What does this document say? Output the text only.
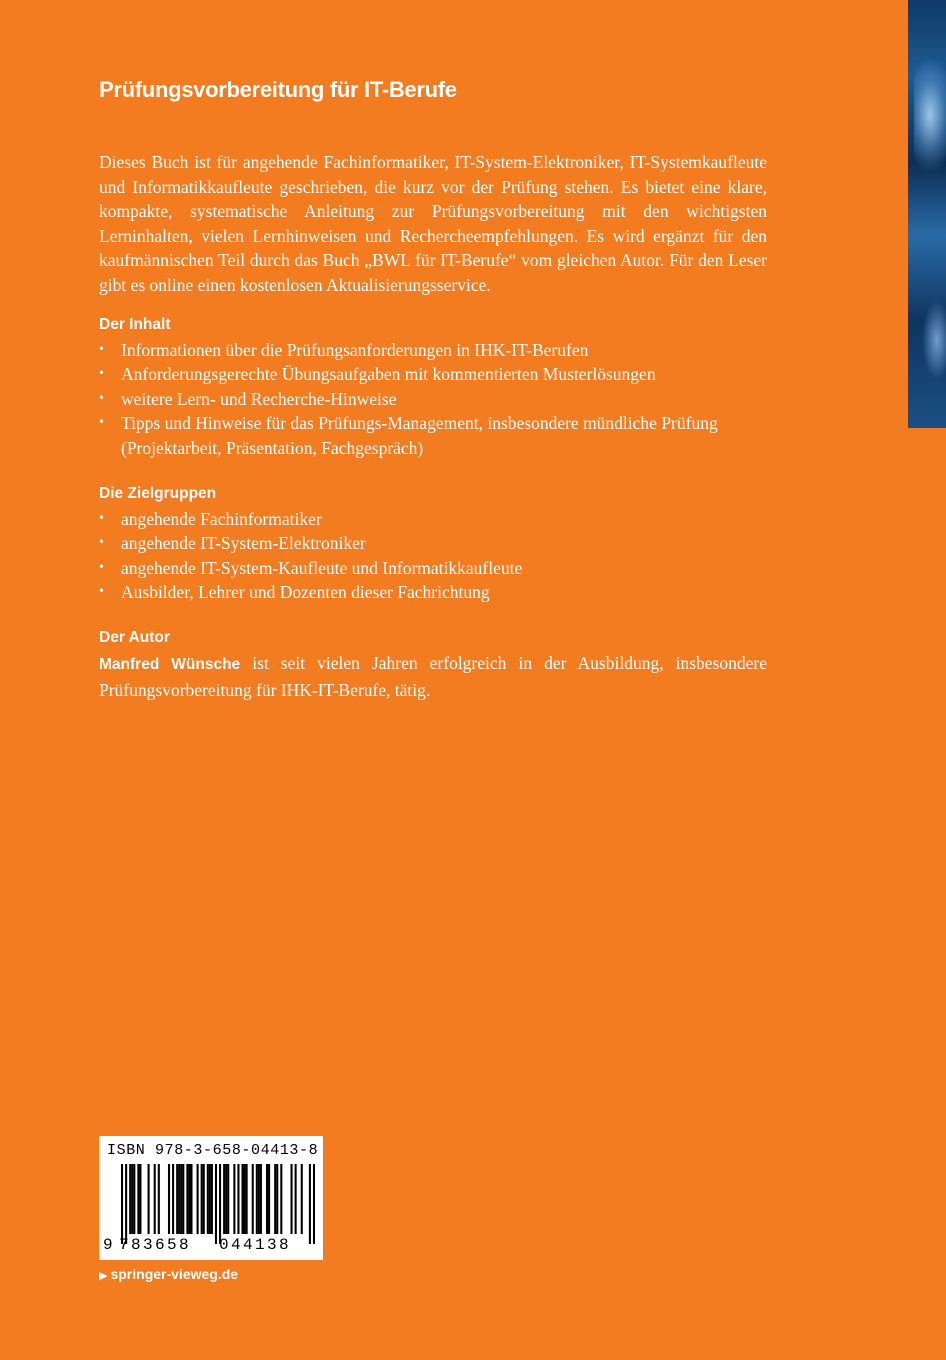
Prüfungsvorbereitung für IT-Berufe

Dieses Buch ist für angehende Fachinformatiker, IT-System-Elektroniker, IT-Systemkaufleute und Informatikkaufleute geschrieben, die kurz vor der Prüfung stehen. Es bietet eine klare, kompakte, systematische Anleitung zur Prüfungsvorbereitung mit den wichtigsten Lerninhalten, vielen Lernhinweisen und Rechercheempfehlungen. Es wird ergänzt für den kaufmännischen Teil durch das Buch „BWL für IT-Berufe“ vom gleichen Autor. Für den Leser gibt es online einen kostenlosen Aktualisierungsservice.

Der Inhalt
• Informationen über die Prüfungsanforderungen in IHK-IT-Berufen
• Anforderungsgerechte Übungsaufgaben mit kommentierten Musterlösungen
• weitere Lern- und Recherche-Hinweise
• Tipps und Hinweise für das Prüfungs-Management, insbesondere mündliche Prüfung (Projektarbeit, Präsentation, Fachgespräch)
Die Zielgruppen
• angehende Fachinformatiker
• angehende IT-System-Elektroniker
• angehende IT-System-Kaufleute und Informatikkaufleute
• Ausbilder, Lehrer und Dozenten dieser Fachrichtung
Der Autor

Manfred Wünsche ist seit vielen Jahren erfolgreich in der Ausbildung, insbesondere Prüfungsvorbereitung für IHK-IT-Berufe, tätig.

ISBN 978-3-658-04413-8
9 783658 044138
▶ springer-vieweg.de
